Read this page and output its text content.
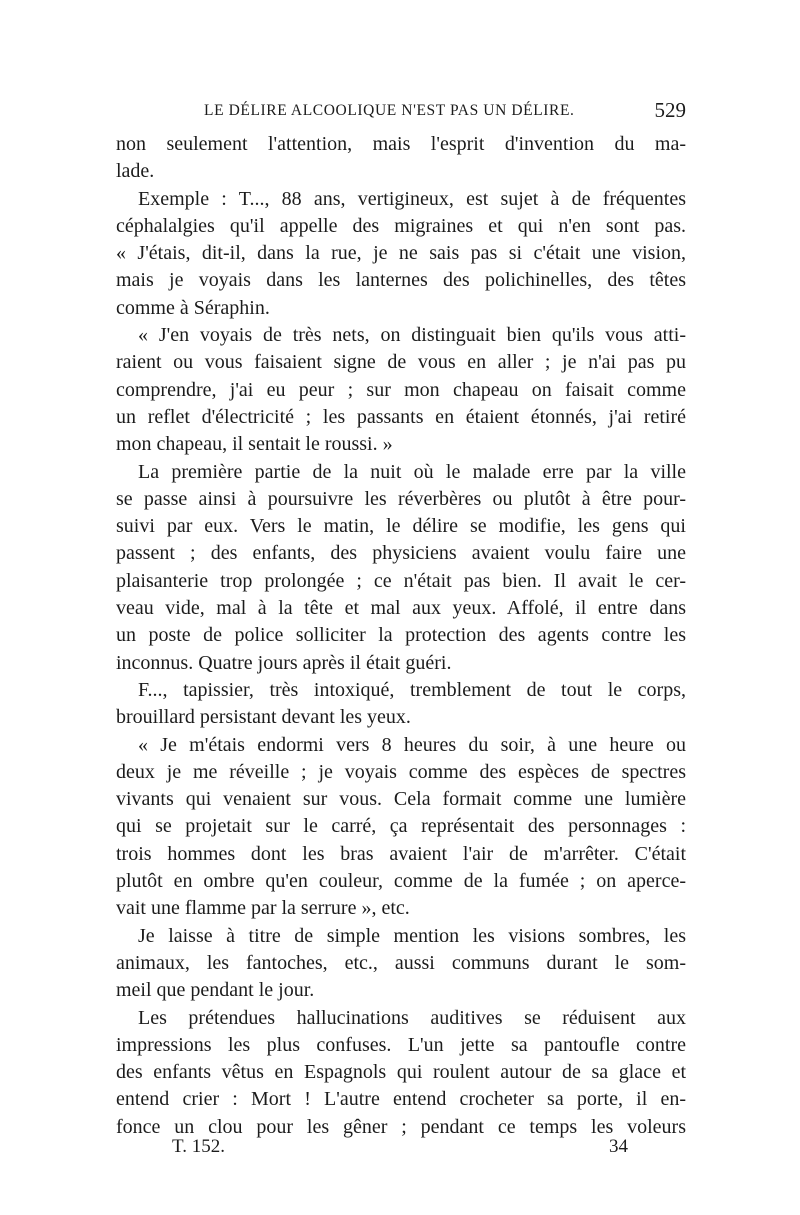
LE DÉLIRE ALCOOLIQUE N'EST PAS UN DÉLIRE.	529
non seulement l'attention, mais l'esprit d'invention du ma-
lade.
Exemple : T..., 88 ans, vertigineux, est sujet à de fréquentes
céphalalgies qu'il appelle des migraines et qui n'en sont pas.
« J'étais, dit-il, dans la rue, je ne sais pas si c'était une vision,
mais je voyais dans les lanternes des polichinelles, des têtes
comme à Séraphin.
« J'en voyais de très nets, on distinguait bien qu'ils vous atti-
raient ou vous faisaient signe de vous en aller ; je n'ai pas pu
comprendre, j'ai eu peur ; sur mon chapeau on faisait comme
un reflet d'électricité ; les passants en étaient étonnés, j'ai retiré
mon chapeau, il sentait le roussi. »
La première partie de la nuit où le malade erre par la ville
se passe ainsi à poursuivre les réverbères ou plutôt à être pour-
suivi par eux. Vers le matin, le délire se modifie, les gens qui
passent ; des enfants, des physiciens avaient voulu faire une
plaisanterie trop prolongée ; ce n'était pas bien. Il avait le cer-
veau vide, mal à la tête et mal aux yeux. Affolé, il entre dans
un poste de police solliciter la protection des agents contre les
inconnus. Quatre jours après il était guéri.
F..., tapissier, très intoxiqué, tremblement de tout le corps,
brouillard persistant devant les yeux.
« Je m'étais endormi vers 8 heures du soir, à une heure ou
deux je me réveille ; je voyais comme des espèces de spectres
vivants qui venaient sur vous. Cela formait comme une lumière
qui se projetait sur le carré, ça représentait des personnages :
trois hommes dont les bras avaient l'air de m'arrêter. C'était
plutôt en ombre qu'en couleur, comme de la fumée ; on aperce-
vait une flamme par la serrure », etc.
Je laisse à titre de simple mention les visions sombres, les
animaux, les fantoches, etc., aussi communs durant le som-
meil que pendant le jour.
Les prétendues hallucinations auditives se réduisent aux
impressions les plus confuses. L'un jette sa pantoufle contre
des enfants vêtus en Espagnols qui roulent autour de sa glace et
entend crier : Mort ! L'autre entend crocheter sa porte, il en-
fonce un clou pour les gêner ; pendant ce temps les voleurs
T. 152.	34
